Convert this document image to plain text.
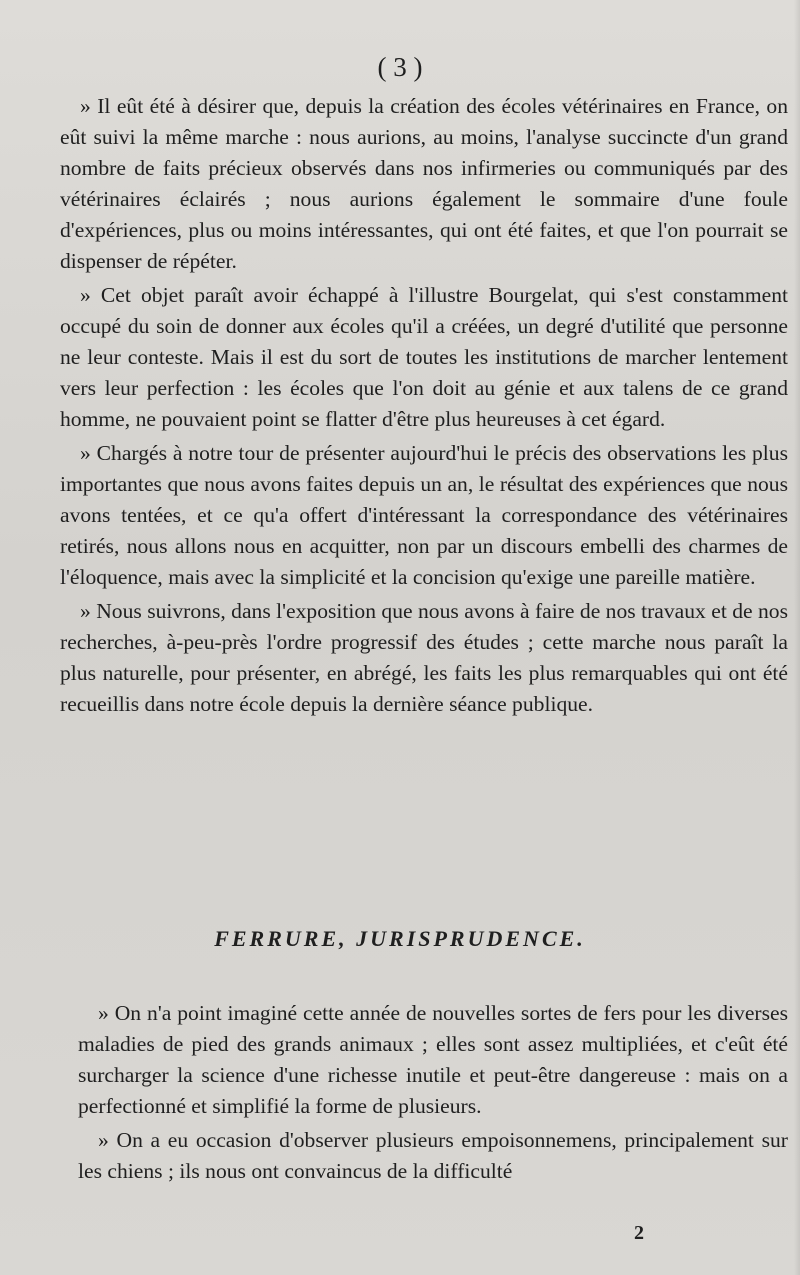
( 3 )

» Il eût été à désirer que, depuis la création des écoles vétérinaires en France, on eût suivi la même marche : nous aurions, au moins, l'analyse succincte d'un grand nombre de faits précieux observés dans nos infirmeries ou communiqués par des vétérinaires éclairés ; nous aurions également le sommaire d'une foule d'expériences, plus ou moins intéressantes, qui ont été faites, et que l'on pourrait se dispenser de répéter.

» Cet objet paraît avoir échappé à l'illustre Bourgelat, qui s'est constamment occupé du soin de donner aux écoles qu'il a créées, un degré d'utilité que personne ne leur conteste. Mais il est du sort de toutes les institutions de marcher lentement vers leur perfection : les écoles que l'on doit au génie et aux talens de ce grand homme, ne pouvaient point se flatter d'être plus heureuses à cet égard.

» Chargés à notre tour de présenter aujourd'hui le précis des observations les plus importantes que nous avons faites depuis un an, le résultat des expériences que nous avons tentées, et ce qu'a offert d'intéressant la correspondance des vétérinaires retirés, nous allons nous en acquitter, non par un discours embelli des charmes de l'éloquence, mais avec la simplicité et la concision qu'exige une pareille matière.

» Nous suivrons, dans l'exposition que nous avons à faire de nos travaux et de nos recherches, à-peu-près l'ordre progressif des études ; cette marche nous paraît la plus naturelle, pour présenter, en abrégé, les faits les plus remarquables qui ont été recueillis dans notre école depuis la dernière séance publique.

FERRURE, JURISPRUDENCE.

» On n'a point imaginé cette année de nouvelles sortes de fers pour les diverses maladies de pied des grands animaux ; elles sont assez multipliées, et c'eût été surcharger la science d'une richesse inutile et peut-être dangereuse : mais on a perfectionné et simplifié la forme de plusieurs.

» On a eu occasion d'observer plusieurs empoisonnemens, principalement sur les chiens ; ils nous ont convaincus de la difficulté

2
